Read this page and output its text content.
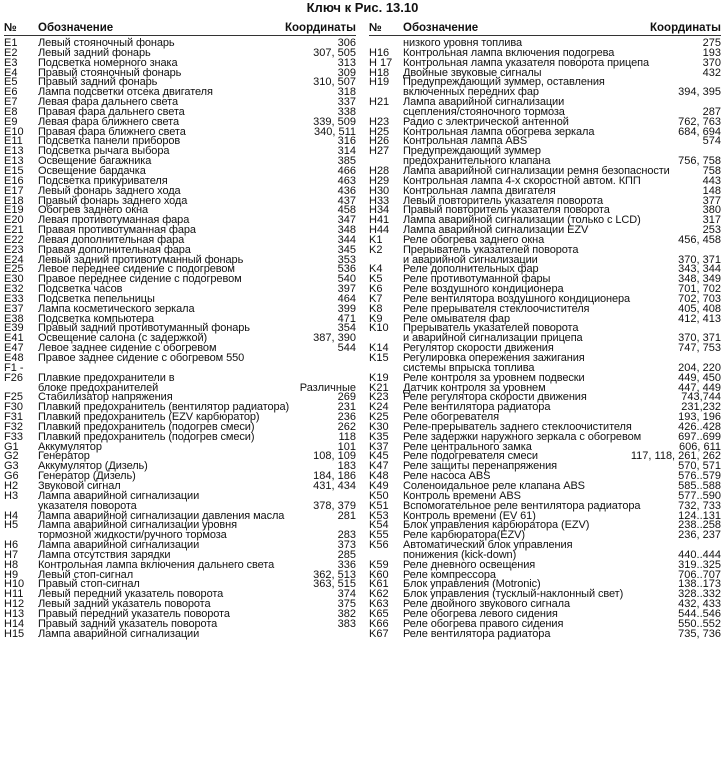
Ключ к Рис. 13.10
№ Обозначение	Координаты
E1 Левый стояночный фонарь	306
E2 Левый задний фонарь	307, 505
E3 Подсветка номерного знака	313
E4 Правый стояночный фонарь	309
E5 Правый задний фонарь	310, 507
E6 Лампа подсветки отсека двигателя	318
E7 Левая фара дальнего света	337
E8 Правая фара дальнего света	338
E9 Левая фара ближнего света	339, 509
E10 Правая фара ближнего света	340, 511
E11 Подсветка панели приборов	316
E13 Подсветка рычага выбора	314
E13 Освещение багажника	385
E15 Освещение бардачка	466
E16 Подсветка прикуривателя	463
E17 Левый фонарь заднего хода	436
E18 Правый фонарь заднего хода	437
E19 Обогрев заднего окна	458
E20 Левая противотуманная фара	347
E21 Правая противотуманная фара	348
E22 Левая дополнительная фара	344
E23 Правая дополнительная фара	345
E24 Левый задний противотуманный фонарь	353
E25 Левое переднее сидение с подогревом	536
E30 Правое переднее сидение с подогревом	540
E32 Подсветка часов	397
E33 Подсветка пепельницы	464
E37 Лампа косметического зеркала	399
E38 Подсветка компьютера	471
E39 Правый задний противотуманный фонарь	354
E41 Освещение салона (с задержкой)	387, 390
E47 Левое заднее сидение с обогревом	544
E48 Правое заднее сидение с обогревом 550
F1 -
F26 Плавкие предохранители в
блоке предохранителей	Различные
F25 Стабилизатор напряжения	269
F30 Плавкий предохранитель (вентилятор радиатора)	231
F31 Плавкий предохранитель (EZV карбюратор)	236
F32 Плавкий предохранитель (подогрев смеси)	262
F33 Плавкий предохранитель (подогрев смеси)	118
G1 Аккумулятор	101
G2 Генератор	108, 109
G3 Аккумулятор (Дизель)	183
G6 Генератор (Дизель)	184, 186
H2 Звуковой сигнал	431, 434
H3 Лампа аварийной сигнализации
указателя поворота	378, 379
H4 Лампа аварийной сигнализации давления масла	281
H5 Лампа аварийной сигнализации уровня
тормозной жидкости/ручного тормоза	283
H6 Лампа аварийной сигнализации	373
H7 Лампа отсутствия зарядки	285
H8 Контрольная лампа включения дальнего света	336
H9 Левый стоп-сигнал	362, 513
H10 Правый стоп-сигнал	363, 515
H11 Левый передний указатель поворота	374
H12 Левый задний указатель поворота	375
H13 Правый передний указатель поворота	382
H14 Правый задний указатель поворота	383
H15 Лампа аварийной сигнализации
№ Обозначение	Координаты
низкого уровня топлива	275
H16 Контрольная лампа включения подогрева	193
H 17 Контрольная лампа указателя поворота прицепа	370
H18 Двойные звуковые сигналы	432
H19 Предупреждающий зуммер, оставления
включенных передних фар	394, 395
H21 Лампа аварийной сигнализации
сцепления/стояночного тормоза	287
H23 Радио с электрической антенной	762, 763
H25 Контрольная лампа обогрева зеркала	684, 694
H26 Контрольная лампа ABS	574
H27 Предупреждающий зуммер
предохранительного клапана	756, 758
H28 Лампа аварийной сигнализации ремня безопасности	758
H29 Контрольная лампа 4-х скоростной автом. КПП	443
H30 Контрольная лампа двигателя	148
H33 Левый повторитель указателя поворота	377
H34 Правый повторитель указателя поворота	380
H41 Лампа аварийной сигнализации (только с LCD)	317
H44 Лампа аварийной сигнализации EZV	253
K1 Реле обогрева заднего окна	456, 458
K2 Прерыватель указателей поворота
и аварийной сигнализации	370, 371
K4 Реле дополнительных фар	343, 344
K5 Реле противотуманной фары	348, 349
K6 Реле воздушного кондиционера	701, 702
K7 Реле вентилятора воздушного кондиционера	702, 703
K8 Реле прерывателя стеклоочистителя	405, 408
K9 Реле омывателя фар	412, 413
K10 Прерыватель указателей поворота
и аварийной сигнализации прицепа	370, 371
K14 Регулятор скорости движения	747, 753
K15 Регулировка опережения зажигания
системы впрыска топлива	204, 220
K19 Реле контроля за уровнем подвески	449, 450
K21 Датчик контроля за уровнем	447, 449
K23 Реле регулятора скорости движения	743,744
K24 Реле вентилятора радиатора	231,232
K25 Реле обогревателя	193, 196
K30 Реле-прерыватель заднего стеклоочистителя	426..428
K35 Реле задержки наружного зеркала с обогревом	697..699
K37 Реле центрального замка	606, 611
K45 Реле подогревателя смеси	117, 118, 261, 262
K47 Реле защиты перенапряжения	570, 571
K48 Реле насоса ABS	576..579
K49 Соленоидальное реле клапана ABS	585..588
K50 Контроль времени ABS	577..590
K51 Вспомогательное реле вентилятора радиатора	732, 733
K53 Контроль времени (EV 61)	124..131
K54 Блок управления карбюратора (EZV)	238..258
K55 Реле карбюратора(EZV)	236, 237
K56 Автоматический блок управления
понижения (kick-down)	440..444
K59 Реле дневного освещения	319..325
K60 Реле компрессора	706..707
K61 Блок управления (Motronic)	138..173
K62 Блок управления (тусклый-наклонный свет)	328..332
K63 Реле двойного звукового сигнала	432, 433
K65 Реле обогрева левого сидения	544..546
K66 Реле обогрева правого сидения	550..552
K67 Реле вентилятора радиатора	735, 736
